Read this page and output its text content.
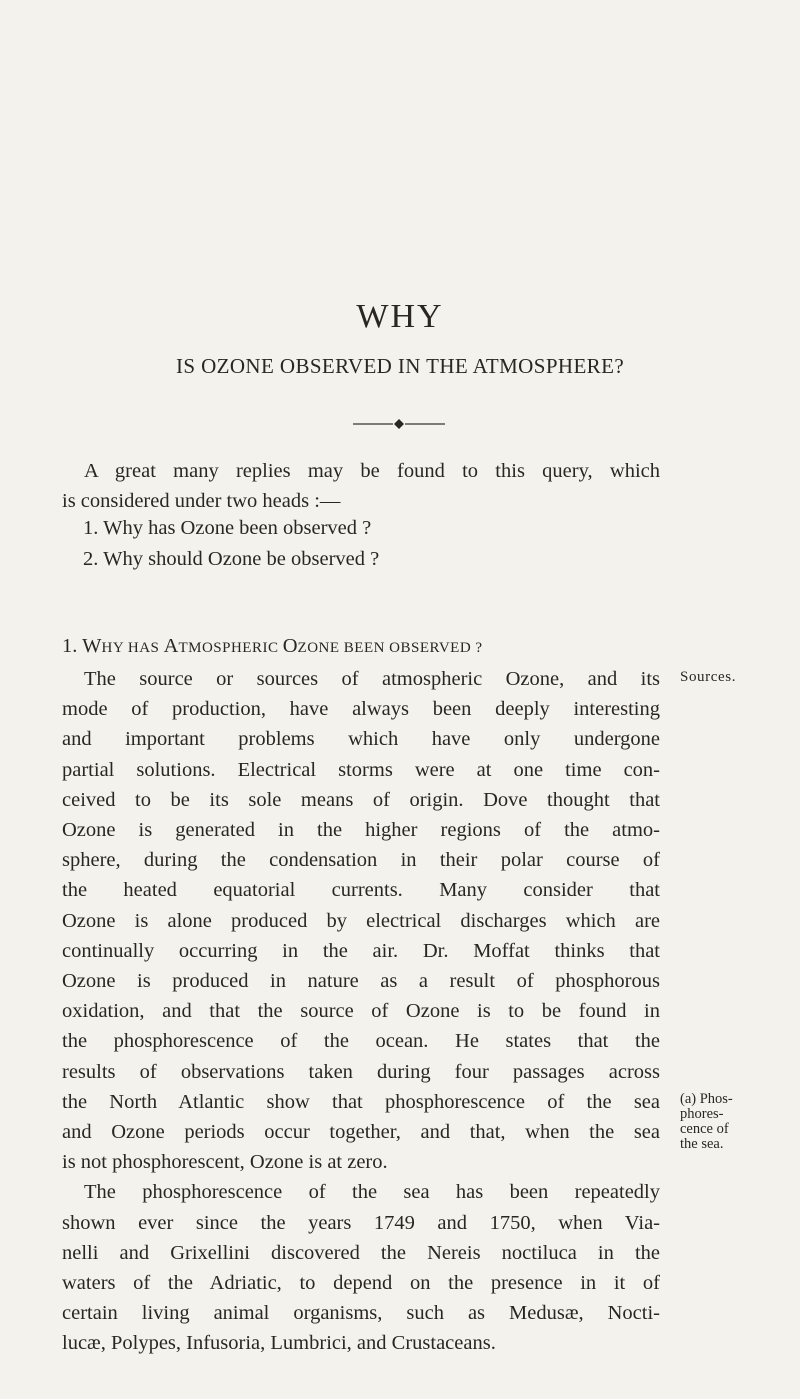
WHY
IS OZONE OBSERVED IN THE ATMOSPHERE?
A great many replies may be found to this query, which
is considered under two heads :—
1. Why has Ozone been observed ?
2. Why should Ozone be observed ?
1. WHY HAS ATMOSPHERIC OZONE BEEN OBSERVED ?
The source or sources of atmospheric Ozone, and its
mode of production, have always been deeply interesting
and important problems which have only undergone
partial solutions. Electrical storms were at one time con-
ceived to be its sole means of origin. Dove thought that
Ozone is generated in the higher regions of the atmo-
sphere, during the condensation in their polar course of
the heated equatorial currents. Many consider that
Ozone is alone produced by electrical discharges which are
continually occurring in the air. Dr. Moffat thinks that
Ozone is produced in nature as a result of phosphorous
oxidation, and that the source of Ozone is to be found in
the phosphorescence of the ocean. He states that the
results of observations taken during four passages across
the North Atlantic show that phosphorescence of the sea
and Ozone periods occur together, and that, when the sea
is not phosphorescent, Ozone is at zero.
The phosphorescence of the sea has been repeatedly
shown ever since the years 1749 and 1750, when Via-
nelli and Grixellini discovered the Nereis noctiluca in the
waters of the Adriatic, to depend on the presence in it of
certain living animal organisms, such as Medusæ, Nocti-
lucæ, Polypes, Infusoria, Lumbrici, and Crustaceans.
Sources.
(a) Phos-
phores-
cence of
the sea.
